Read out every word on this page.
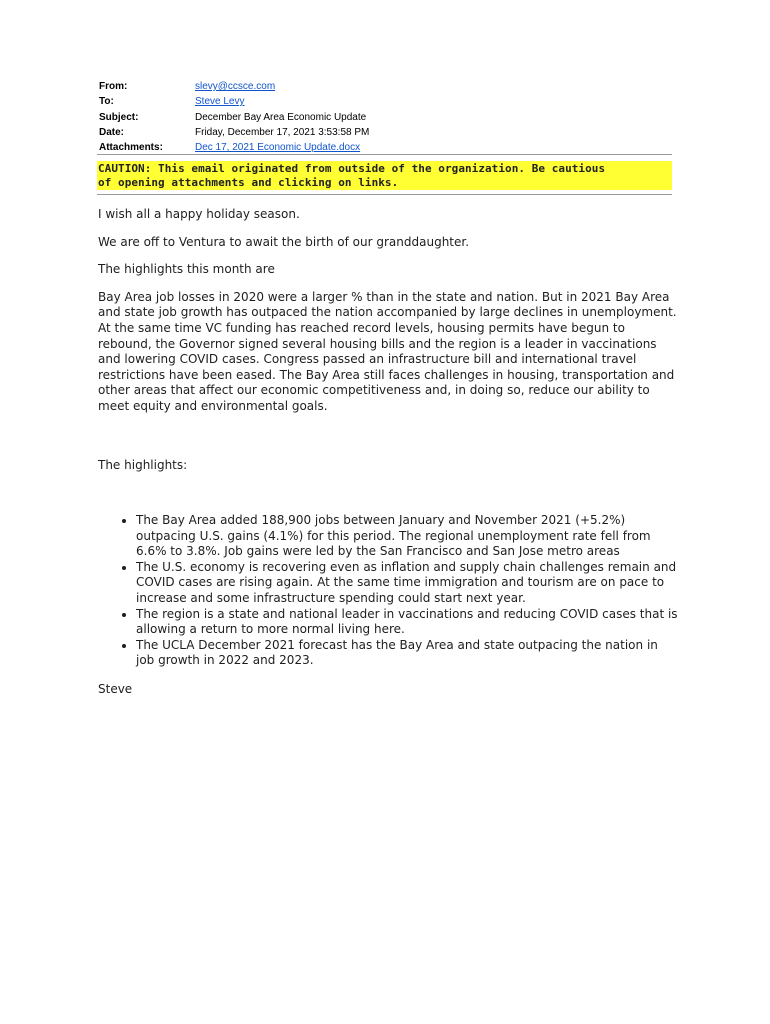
From:	slevy@ccsce.com
To:	Steve Levy
Subject:	December Bay Area Economic Update
Date:	Friday, December 17, 2021 3:53:58 PM
Attachments:	Dec 17, 2021 Economic Update.docx
CAUTION: This email originated from outside of the organization. Be cautious
of opening attachments and clicking on links.

I wish all a happy holiday season.

We are off to Ventura to await the birth of our granddaughter.

The highlights this month are

Bay Area job losses in 2020 were a larger % than in the state and nation. But in 2021 Bay Area and state job growth has outpaced the nation accompanied by large declines in unemployment. At the same time VC funding has reached record levels, housing permits have begun to rebound, the Governor signed several housing bills and the region is a leader in vaccinations and lowering COVID cases. Congress passed an infrastructure bill and international travel restrictions have been eased. The Bay Area still faces challenges in housing, transportation and other areas that affect our economic competitiveness and, in doing so, reduce our ability to meet equity and environmental goals.

The highlights:

• The Bay Area added 188,900 jobs between January and November 2021 (+5.2%) outpacing U.S. gains (4.1%) for this period. The regional unemployment rate fell from 6.6% to 3.8%. Job gains were led by the San Francisco and San Jose metro areas
• The U.S. economy is recovering even as inflation and supply chain challenges remain and COVID cases are rising again. At the same time immigration and tourism are on pace to increase and some infrastructure spending could start next year.
• The region is a state and national leader in vaccinations and reducing COVID cases that is allowing a return to more normal living here.
• The UCLA December 2021 forecast has the Bay Area and state outpacing the nation in job growth in 2022 and 2023.

Steve
